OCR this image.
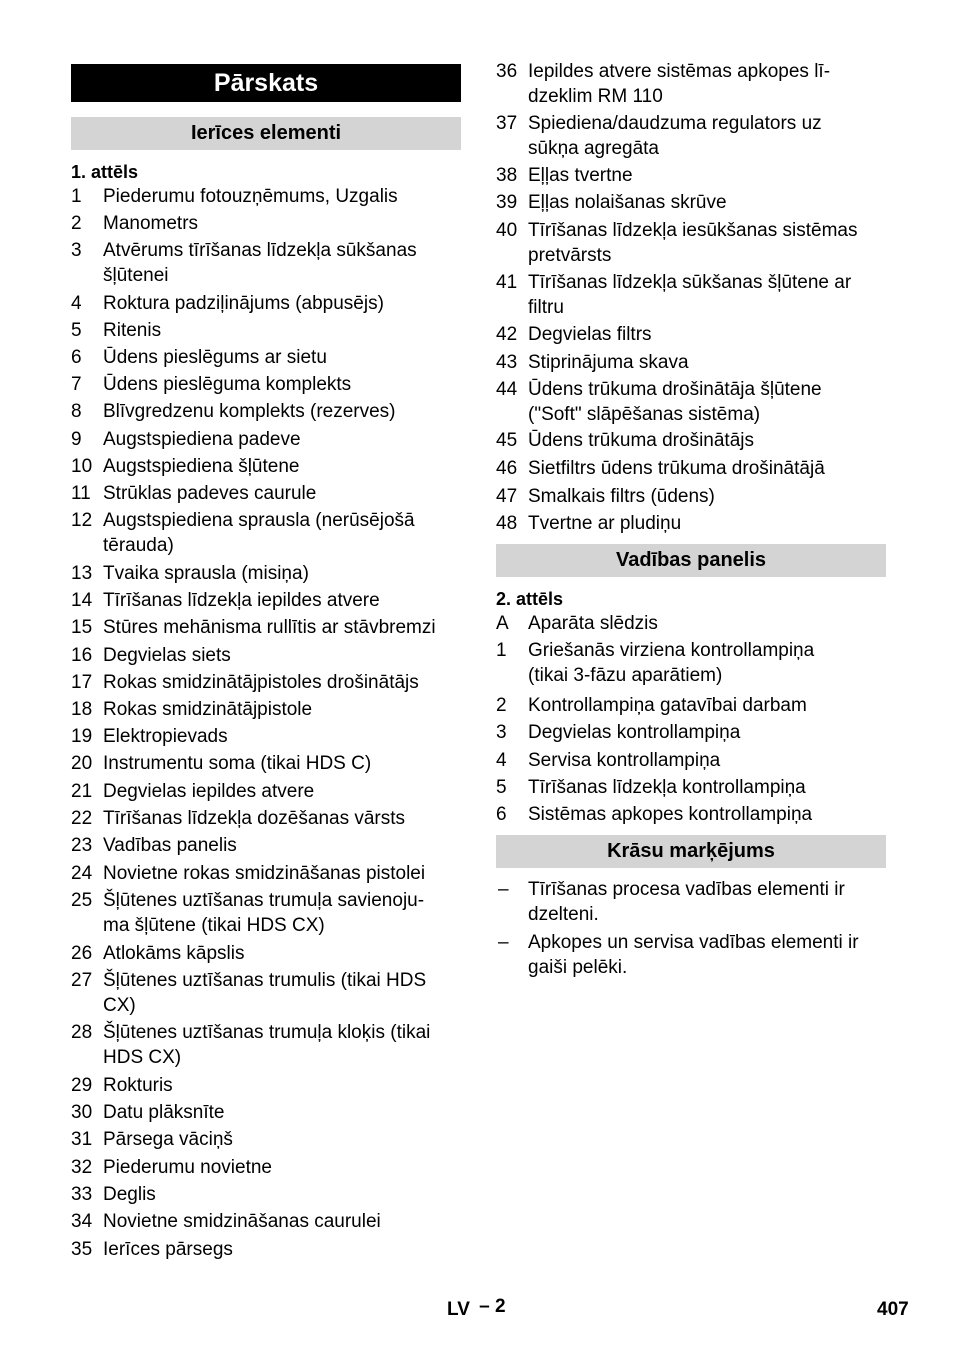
Pārskats
Ierīces elementi
1. attēls
1 Piederumu fotouzņēmums, Uzgalis
2 Manometrs
3 Atvērums tīrīšanas līdzekļa sūkšanas
šļūtenei
4 Roktura padziļinājums (abpusējs)
5 Ritenis
6 Ūdens pieslēgums ar sietu
7 Ūdens pieslēguma komplekts
8 Blīvgredzenu komplekts (rezerves)
9 Augstspiediena padeve
10 Augstspiediena šļūtene
11 Strūklas padeves caurule
12 Augstspiediena sprausla (nerūsējošā
tērauda)
13 Tvaika sprausla (misiņa)
14 Tīrīšanas līdzekļa iepildes atvere
15 Stūres mehānisma rullītis ar stāvbremzi
16 Degvielas siets
17 Rokas smidzinātājpistoles drošinātājs
18 Rokas smidzinātājpistole
19 Elektropievads
20 Instrumentu soma (tikai HDS C)
21 Degvielas iepildes atvere
22 Tīrīšanas līdzekļa dozēšanas vārsts
23 Vadības panelis
24 Novietne rokas smidzināšanas pistolei
25 Šļūtenes uztīšanas trumuļa savienoju-
ma šļūtene (tikai HDS CX)
26 Atlokāms kāpslis
27 Šļūtenes uztīšanas trumulis (tikai HDS
CX)
28 Šļūtenes uztīšanas trumuļa kloķis (tikai
HDS CX)
29 Rokturis
30 Datu plāksnīte
31 Pārsega vāciņš
32 Piederumu novietne
33 Deglis
34 Novietne smidzināšanas caurulei
35 Ierīces pārsegs
36 Iepildes atvere sistēmas apkopes lī-
dzeklim RM 110
37 Spiediena/daudzuma regulators uz
sūkņa agregāta
38 Eļļas tvertne
39 Eļļas nolaišanas skrūve
40 Tīrīšanas līdzekļa iesūkšanas sistēmas
pretvārsts
41 Tīrīšanas līdzekļa sūkšanas šļūtene ar
filtru
42 Degvielas filtrs
43 Stiprinājuma skava
44 Ūdens trūkuma drošinātāja šļūtene
("Soft" slāpēšanas sistēma)
45 Ūdens trūkuma drošinātājs
46 Sietfiltrs ūdens trūkuma drošinātājā
47 Smalkais filtrs (ūdens)
48 Tvertne ar pludiņu
Vadības panelis
2. attēls
A Aparāta slēdzis
1 Griešanās virziena kontrollampiņa
(tikai 3-fāzu aparātiem)
2 Kontrollampiņa gatavībai darbam
3 Degvielas kontrollampiņa
4 Servisa kontrollampiņa
5 Tīrīšanas līdzekļa kontrollampiņa
6 Sistēmas apkopes kontrollampiņa
Krāsu marķējums
– Tīrīšanas procesa vadības elementi ir
dzelteni.
– Apkopes un servisa vadības elementi ir
gaiši pelēki.
LV – 2	407
